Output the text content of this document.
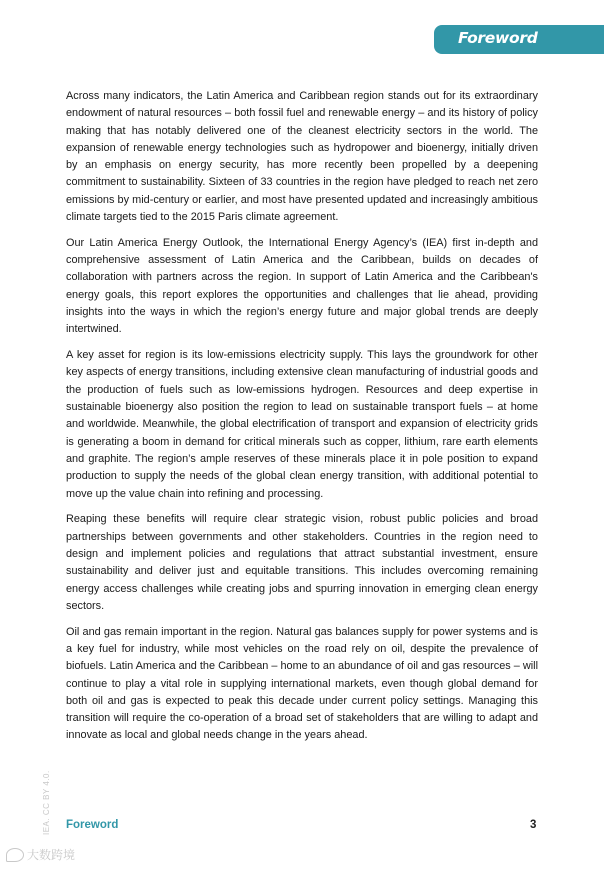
Foreword

Across many indicators, the Latin America and Caribbean region stands out for its extraordinary endowment of natural resources – both fossil fuel and renewable energy – and its history of policy making that has notably delivered one of the cleanest electricity sectors in the world. The expansion of renewable energy technologies such as hydropower and bioenergy, initially driven by an emphasis on energy security, has more recently been propelled by a deepening commitment to sustainability. Sixteen of 33 countries in the region have pledged to reach net zero emissions by mid-century or earlier, and most have presented updated and increasingly ambitious climate targets tied to the 2015 Paris climate agreement.

Our Latin America Energy Outlook, the International Energy Agency’s (IEA) first in-depth and comprehensive assessment of Latin America and the Caribbean, builds on decades of collaboration with partners across the region. In support of Latin America and the Caribbean's energy goals, this report explores the opportunities and challenges that lie ahead, providing insights into the ways in which the region’s energy future and major global trends are deeply intertwined.

A key asset for region is its low-emissions electricity supply. This lays the groundwork for other key aspects of energy transitions, including extensive clean manufacturing of industrial goods and the production of fuels such as low-emissions hydrogen. Resources and deep expertise in sustainable bioenergy also position the region to lead on sustainable transport fuels – at home and worldwide. Meanwhile, the global electrification of transport and expansion of electricity grids is generating a boom in demand for critical minerals such as copper, lithium, rare earth elements and graphite. The region’s ample reserves of these minerals place it in pole position to expand production to supply the needs of the global clean energy transition, with additional potential to move up the value chain into refining and processing.

Reaping these benefits will require clear strategic vision, robust public policies and broad partnerships between governments and other stakeholders. Countries in the region need to design and implement policies and regulations that attract substantial investment, ensure sustainability and deliver just and equitable transitions. This includes overcoming remaining energy access challenges while creating jobs and spurring innovation in emerging clean energy sectors.

Oil and gas remain important in the region. Natural gas balances supply for power systems and is a key fuel for industry, while most vehicles on the road rely on oil, despite the prevalence of biofuels. Latin America and the Caribbean – home to an abundance of oil and gas resources – will continue to play a vital role in supplying international markets, even though global demand for both oil and gas is expected to peak this decade under current policy settings. Managing this transition will require the co-operation of a broad set of stakeholders that are willing to adapt and innovate as local and global needs change in the years ahead.

IEA. CC BY 4.0. Foreword	3
大数跨境
